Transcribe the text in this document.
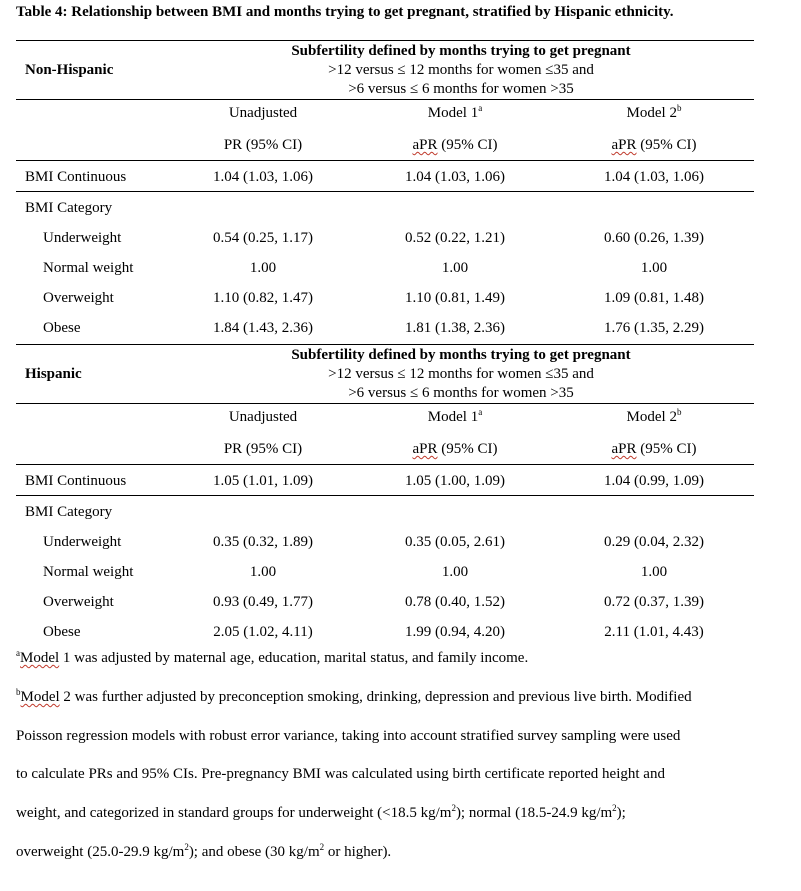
Table 4: Relationship between BMI and months trying to get pregnant, stratified by Hispanic ethnicity.
Non-Hispanic
Subfertility defined by months trying to get pregnant
>12 versus ≤ 12 months for women ≤35 and
>6 versus ≤ 6 months for women >35
Unadjusted	Model 1$^a$	Model 2$^b$
PR (95% CI)	aPR (95% CI)	aPR (95% CI)
BMI Continuous	1.04 (1.03, 1.06)	1.04 (1.03, 1.06)	1.04 (1.03, 1.06)
BMI Category
Underweight	0.54 (0.25, 1.17)	0.52 (0.22, 1.21)	0.60 (0.26, 1.39)
Normal weight	1.00	1.00	1.00
Overweight	1.10 (0.82, 1.47)	1.10 (0.81, 1.49)	1.09 (0.81, 1.48)
Obese	1.84 (1.43, 2.36)	1.81 (1.38, 2.36)	1.76 (1.35, 2.29)
Hispanic
Subfertility defined by months trying to get pregnant
>12 versus ≤ 12 months for women ≤35 and
>6 versus ≤ 6 months for women >35
Unadjusted	Model 1$^a$	Model 2$^b$
PR (95% CI)	aPR (95% CI)	aPR (95% CI)
BMI Continuous	1.05 (1.01, 1.09)	1.05 (1.00, 1.09)	1.04 (0.99, 1.09)
BMI Category
Underweight	0.35 (0.32, 1.89)	0.35 (0.05, 2.61)	0.29 (0.04, 2.32)
Normal weight	1.00	1.00	1.00
Overweight	0.93 (0.49, 1.77)	0.78 (0.40, 1.52)	0.72 (0.37, 1.39)
Obese	2.05 (1.02, 4.11)	1.99 (0.94, 4.20)	2.11 (1.01, 4.43)
$^a$Model 1 was adjusted by maternal age, education, marital status, and family income.
$^b$Model 2 was further adjusted by preconception smoking, drinking, depression and previous live birth. Modified
Poisson regression models with robust error variance, taking into account stratified survey sampling were used
to calculate PRs and 95% CIs. Pre-pregnancy BMI was calculated using birth certificate reported height and
weight, and categorized in standard groups for underweight (<18.5 $kg/m^2$); normal (18.5-24.9 $kg/m^2$);
overweight (25.0-29.9 $kg/m^2$); and obese (30 $kg/m^2$ or higher).
